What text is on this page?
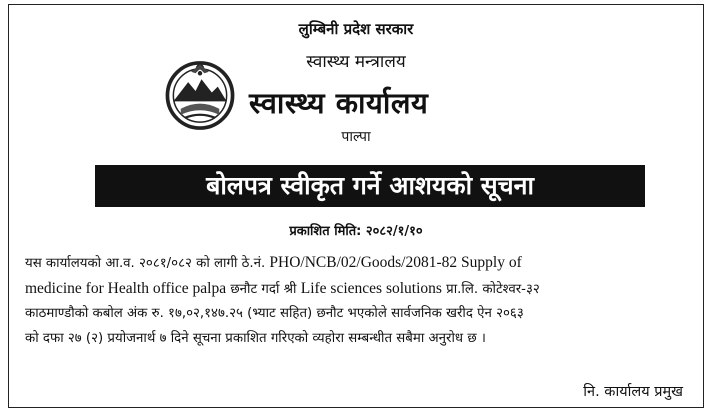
लुम्बिनी प्रदेश सरकार
स्वास्थ्य मन्त्रालय
स्वास्थ्य कार्यालय
पाल्पा
बोलपत्र स्वीकृत गर्ने आशयको सूचना
प्रकाशित मिति: २०८२/१/१०
यस कार्यालयको आ.व. २०८१/०८२ को लागी ठे.नं. PHO/NCB/02/Goods/2081-82 Supply of
medicine for Health office palpa छनौट गर्दा श्री Life sciences solutions प्रा.लि. कोटेश्वर-३२
काठमाण्डौको कबोल अंक रु. १७,०२,१४७.२५ (भ्याट सहित) छनौट भएकोले सार्वजनिक खरीद ऐन २०६३
को दफा २७ (२) प्रयोजनार्थ ७ दिने सूचना प्रकाशित गरिएको व्यहोरा सम्बन्धीत सबैमा अनुरोध छ ।
नि. कार्यालय प्रमुख
